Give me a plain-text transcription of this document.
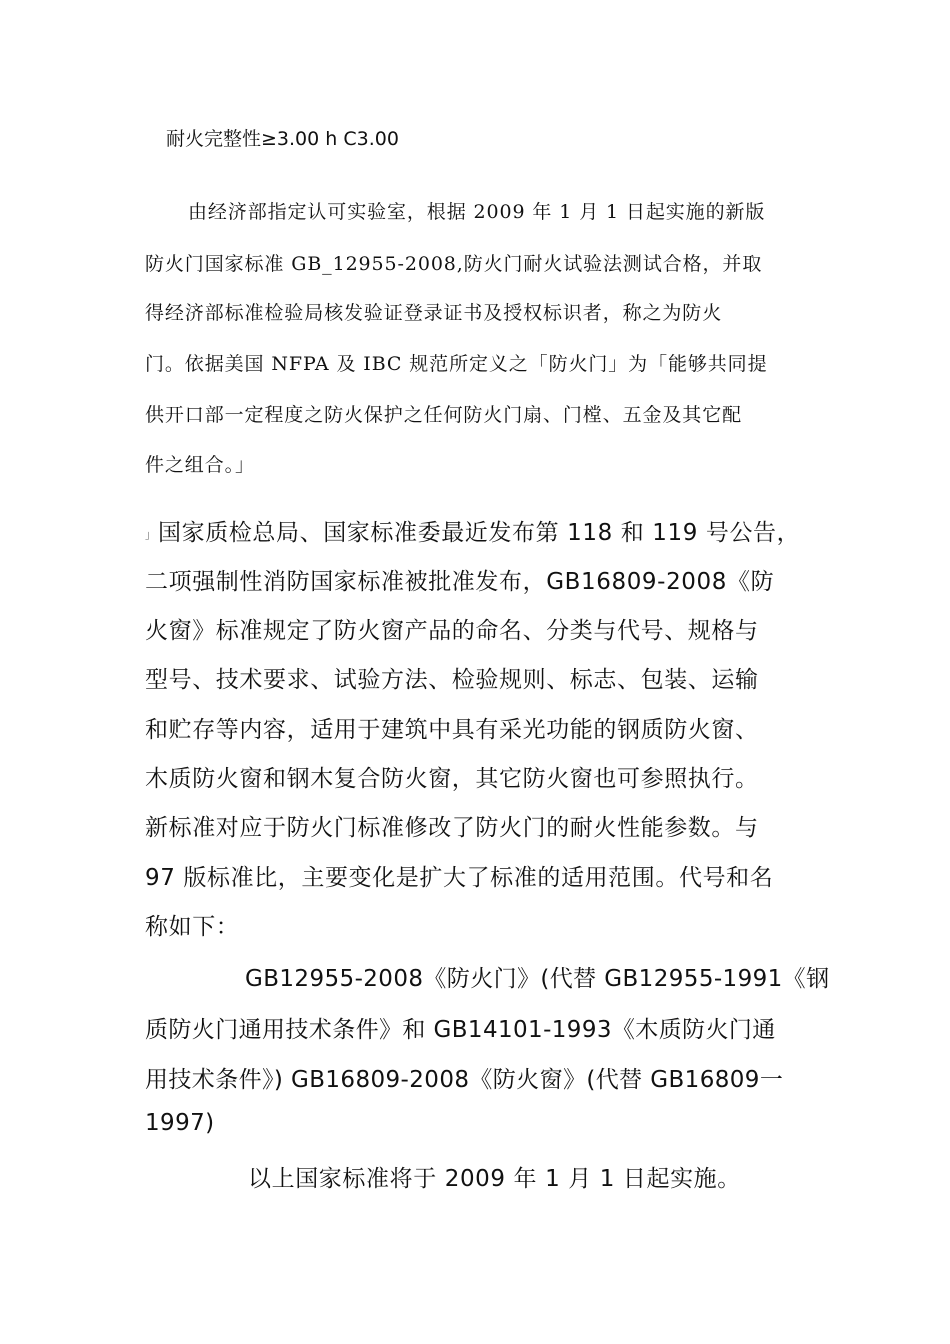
耐火完整性≥3.00 h C3.00

由经济部指定认可实验室，根据 2009 年 1 月 1 日起实施的新版

防火门国家标准 GB_12955-2008,防火门耐火试验法测试合格，并取

得经济部标准检验局核发验证登录证书及授权标识者，称之为防火

门。依据美国 NFPA 及 IBC 规范所定义之「防火门」为「能够共同提

供开口部一定程度之防火保护之任何防火门扇、门樘、五金及其它配

件之组合。」

」 国家质检总局、国家标准委最近发布第 118 和 119 号公告，

二项强制性消防国家标准被批准发布，GB16809-2008《防

火窗》标准规定了防火窗产品的命名、分类与代号、规格与

型号、技术要求、试验方法、检验规则、标志、包装、运输

和贮存等内容，适用于建筑中具有采光功能的钢质防火窗、

木质防火窗和钢木复合防火窗，其它防火窗也可参照执行。

新标准对应于防火门标准修改了防火门的耐火性能参数。与

97 版标准比，主要变化是扩大了标准的适用范围。代号和名

称如下：

GB12955-2008《防火门》(代替 GB12955-1991《钢

质防火门通用技术条件》和 GB14101-1993《木质防火门通

用技术条件》) GB16809-2008《防火窗》(代替 GB16809一

1997)

以上国家标准将于 2009 年 1 月 1 日起实施。
